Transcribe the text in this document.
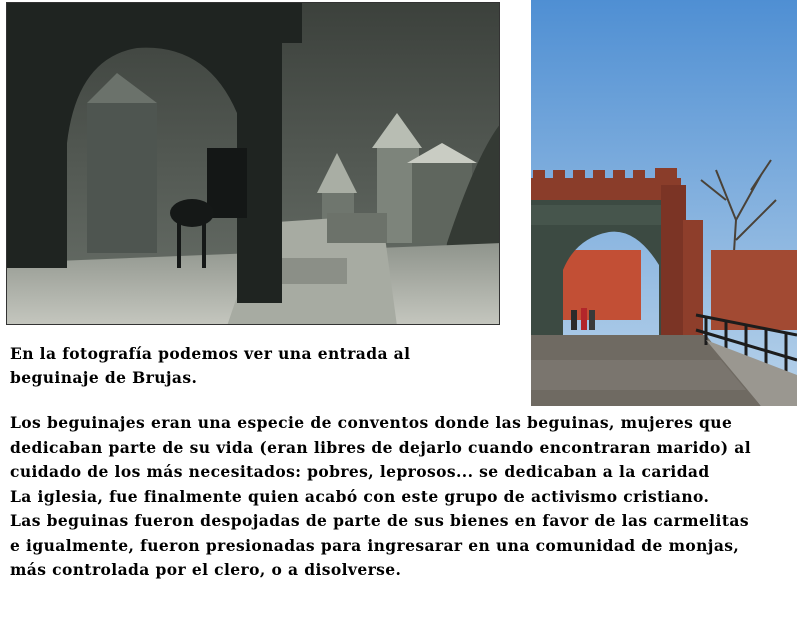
En la fotografía podemos ver una entrada al
beguinaje de Brujas.
Los beguinajes eran una especie de conventos donde las beguinas, mujeres que
dedicaban parte de su vida (eran libres de dejarlo cuando encontraran marido) al
cuidado de los más necesitados: pobres, leprosos... se dedicaban a la caridad
La iglesia, fue finalmente quien acabó con este grupo de activismo cristiano.
Las beguinas fueron despojadas de parte de sus bienes en favor de las carmelitas
e igualmente, fueron presionadas para ingresarar en una comunidad de monjas,
más controlada por el clero, o a disolverse.
